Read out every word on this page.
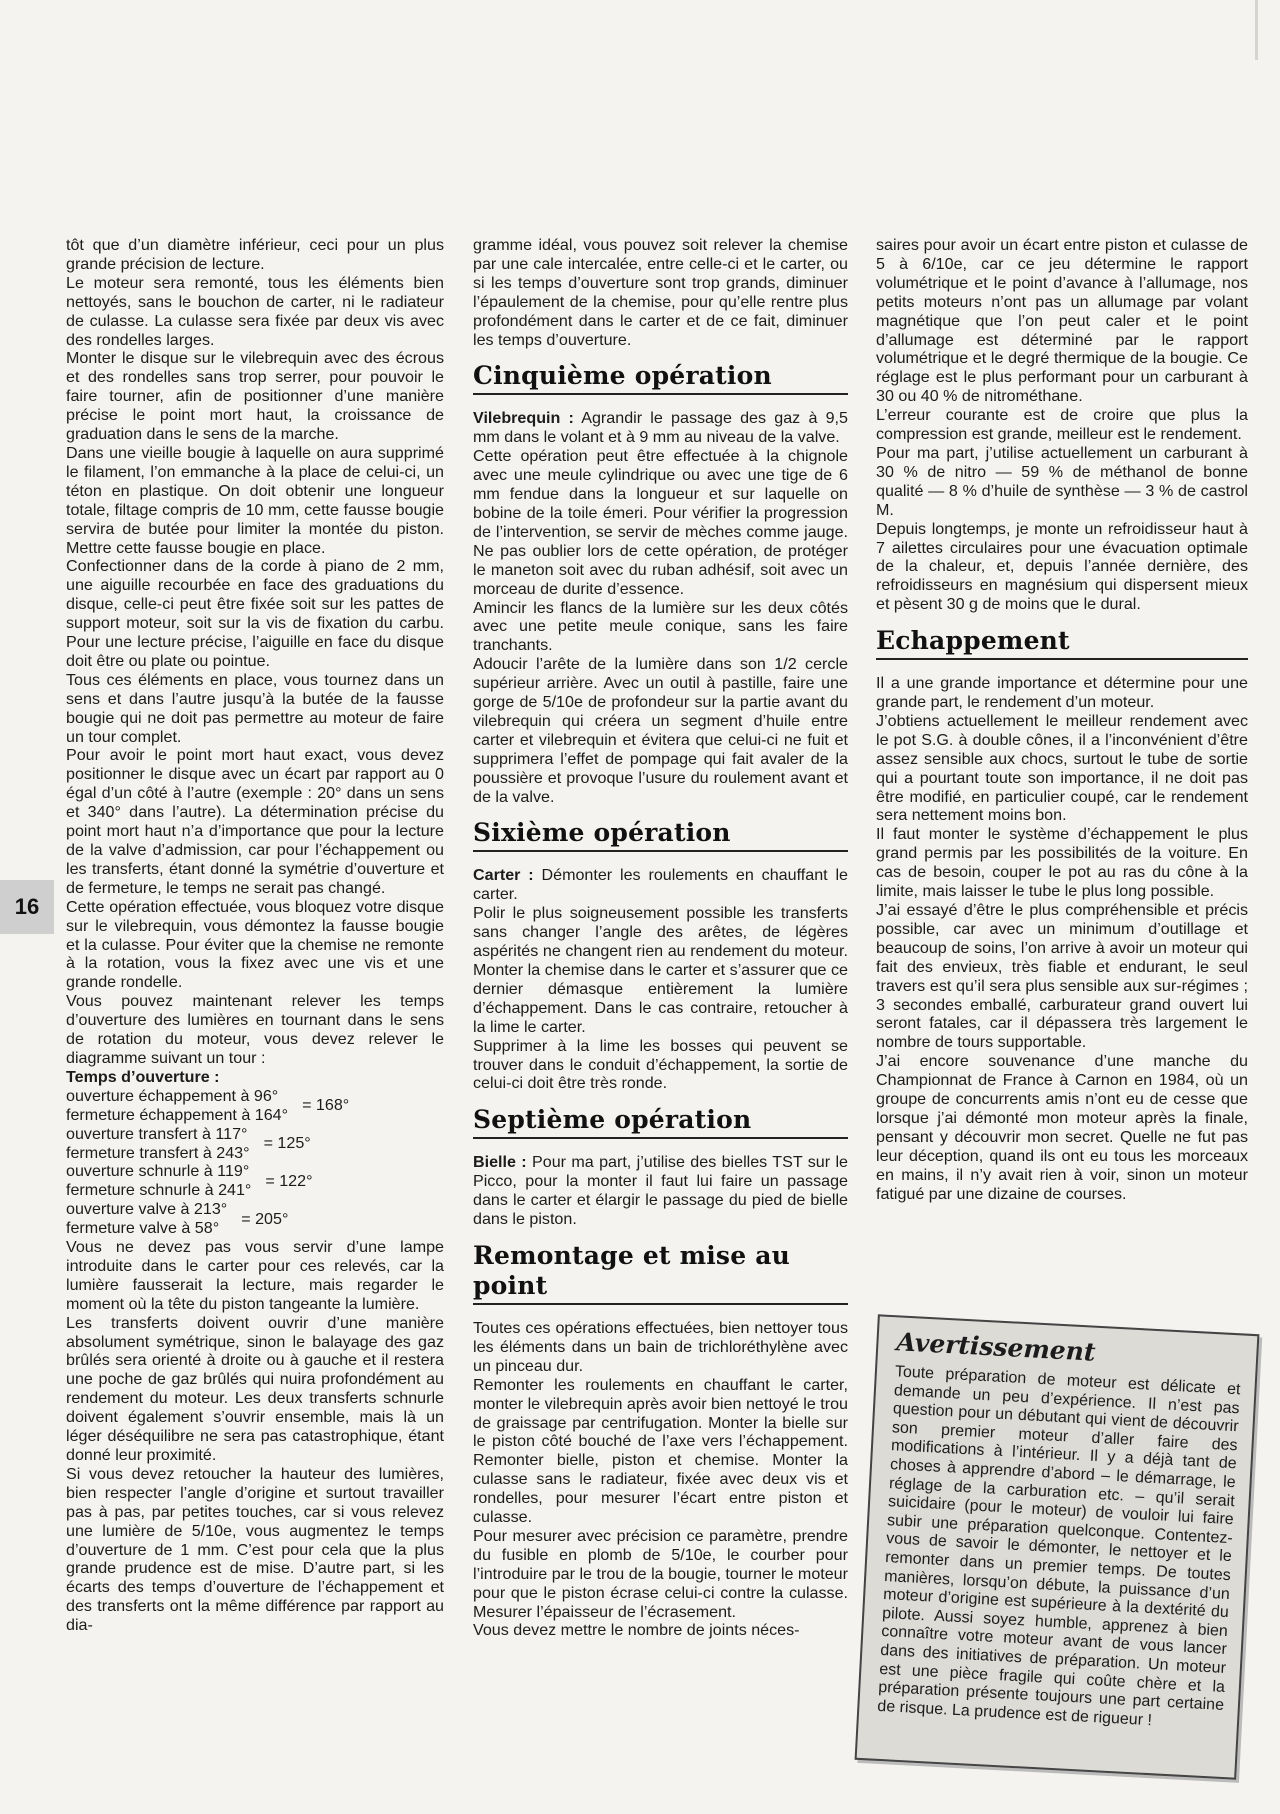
16

tôt que d’un diamètre inférieur, ceci pour un plus grande précision de lecture.

Le moteur sera remonté, tous les éléments bien nettoyés, sans le bouchon de carter, ni le radiateur de culasse. La culasse sera fixée par deux vis avec des rondelles larges.

Monter le disque sur le vilebrequin avec des écrous et des rondelles sans trop serrer, pour pouvoir le faire tourner, afin de positionner d’une manière précise le point mort haut, la croissance de graduation dans le sens de la marche.

Dans une vieille bougie à laquelle on aura supprimé le filament, l’on emmanche à la place de celui-ci, un téton en plastique. On doit obtenir une longueur totale, filtage compris de 10 mm, cette fausse bougie servira de butée pour limiter la montée du piston. Mettre cette fausse bougie en place.

Confectionner dans de la corde à piano de 2 mm, une aiguille recourbée en face des graduations du disque, celle-ci peut être fixée soit sur les pattes de support moteur, soit sur la vis de fixation du carbu. Pour une lecture précise, l’aiguille en face du disque doit être ou plate ou pointue.

Tous ces éléments en place, vous tournez dans un sens et dans l’autre jusqu’à la butée de la fausse bougie qui ne doit pas permettre au moteur de faire un tour complet.

Pour avoir le point mort haut exact, vous devez positionner le disque avec un écart par rapport au 0 égal d’un côté à l’autre (exemple : 20° dans un sens et 340° dans l’autre). La détermination précise du point mort haut n’a d’importance que pour la lecture de la valve d’admission, car pour l’échappement ou les transferts, étant donné la symétrie d’ouverture et de fermeture, le temps ne serait pas changé.

Cette opération effectuée, vous bloquez votre disque sur le vilebrequin, vous démontez la fausse bougie et la culasse. Pour éviter que la chemise ne remonte à la rotation, vous la fixez avec une vis et une grande rondelle.

Vous pouvez maintenant relever les temps d’ouverture des lumières en tournant dans le sens de rotation du moteur, vous devez relever le diagramme suivant un tour :

Temps d’ouverture :

ouverture échappement à 96°
fermeture échappement à 164°
= 168°
ouverture transfert à 117°
fermeture transfert à 243°
= 125°
ouverture schnurle à 119°
fermeture schnurle à 241°
= 122°
ouverture valve à 213°
fermeture valve à 58°
= 205°

Vous ne devez pas vous servir d’une lampe introduite dans le carter pour ces relevés, car la lumière fausserait la lecture, mais regarder le moment où la tête du piston tangeante la lumière.

Les transferts doivent ouvrir d’une manière absolument symétrique, sinon le balayage des gaz brûlés sera orienté à droite ou à gauche et il restera une poche de gaz brûlés qui nuira profondément au rendement du moteur. Les deux transferts schnurle doivent également s’ouvrir ensemble, mais là un léger déséquilibre ne sera pas catastrophique, étant donné leur proximité.

Si vous devez retoucher la hauteur des lumières, bien respecter l’angle d’origine et surtout travailler pas à pas, par petites touches, car si vous relevez une lumière de 5/10e, vous augmentez le temps d’ouverture de 1 mm. C’est pour cela que la plus grande prudence est de mise. D’autre part, si les écarts des temps d’ouverture de l’échappement et des transferts ont la même différence par rapport au dia-

gramme idéal, vous pouvez soit relever la chemise par une cale intercalée, entre celle-ci et le carter, ou si les temps d’ouverture sont trop grands, diminuer l’épaulement de la chemise, pour qu’elle rentre plus profondément dans le carter et de ce fait, diminuer les temps d’ouverture.

Cinquième opération

Vilebrequin : Agrandir le passage des gaz à 9,5 mm dans le volant et à 9 mm au niveau de la valve.

Cette opération peut être effectuée à la chignole avec une meule cylindrique ou avec une tige de 6 mm fendue dans la longueur et sur laquelle on bobine de la toile émeri. Pour vérifier la progression de l’intervention, se servir de mèches comme jauge. Ne pas oublier lors de cette opération, de protéger le maneton soit avec du ruban adhésif, soit avec un morceau de durite d’essence.

Amincir les flancs de la lumière sur les deux côtés avec une petite meule conique, sans les faire tranchants.

Adoucir l’arête de la lumière dans son 1/2 cercle supérieur arrière. Avec un outil à pastille, faire une gorge de 5/10e de profondeur sur la partie avant du vilebrequin qui créera un segment d’huile entre carter et vilebrequin et évitera que celui-ci ne fuit et supprimera l’effet de pompage qui fait avaler de la poussière et provoque l’usure du roulement avant et de la valve.

Sixième opération

Carter : Démonter les roulements en chauffant le carter.

Polir le plus soigneusement possible les transferts sans changer l’angle des arêtes, de légères aspérités ne changent rien au rendement du moteur. Monter la chemise dans le carter et s’assurer que ce dernier démasque entièrement la lumière d’échappement. Dans le cas contraire, retoucher à la lime le carter.

Supprimer à la lime les bosses qui peuvent se trouver dans le conduit d’échappement, la sortie de celui-ci doit être très ronde.

Septième opération

Bielle : Pour ma part, j’utilise des bielles TST sur le Picco, pour la monter il faut lui faire un passage dans le carter et élargir le passage du pied de bielle dans le piston.

Remontage et mise au point

Toutes ces opérations effectuées, bien nettoyer tous les éléments dans un bain de trichloréthylène avec un pinceau dur.

Remonter les roulements en chauffant le carter, monter le vilebrequin après avoir bien nettoyé le trou de graissage par centrifugation. Monter la bielle sur le piston côté bouché de l’axe vers l’échappement. Remonter bielle, piston et chemise. Monter la culasse sans le radiateur, fixée avec deux vis et rondelles, pour mesurer l’écart entre piston et culasse.

Pour mesurer avec précision ce paramètre, prendre du fusible en plomb de 5/10e, le courber pour l’introduire par le trou de la bougie, tourner le moteur pour que le piston écrase celui-ci contre la culasse. Mesurer l’épaisseur de l’écrasement.

Vous devez mettre le nombre de joints néces-

saires pour avoir un écart entre piston et culasse de 5 à 6/10e, car ce jeu détermine le rapport volumétrique et le point d’avance à l’allumage, nos petits moteurs n’ont pas un allumage par volant magnétique que l’on peut caler et le point d’allumage est déterminé par le rapport volumétrique et le degré thermique de la bougie. Ce réglage est le plus performant pour un carburant à 30 ou 40 % de nitrométhane.

L’erreur courante est de croire que plus la compression est grande, meilleur est le rendement.

Pour ma part, j’utilise actuellement un carburant à 30 % de nitro — 59 % de méthanol de bonne qualité — 8 % d’huile de synthèse — 3 % de castrol M.

Depuis longtemps, je monte un refroidisseur haut à 7 ailettes circulaires pour une évacuation optimale de la chaleur, et, depuis l’année dernière, des refroidisseurs en magnésium qui dispersent mieux et pèsent 30 g de moins que le dural.

Echappement

Il a une grande importance et détermine pour une grande part, le rendement d’un moteur.

J’obtiens actuellement le meilleur rendement avec le pot S.G. à double cônes, il a l’inconvénient d’être assez sensible aux chocs, surtout le tube de sortie qui a pourtant toute son importance, il ne doit pas être modifié, en particulier coupé, car le rendement sera nettement moins bon.

Il faut monter le système d’échappement le plus grand permis par les possibilités de la voiture. En cas de besoin, couper le pot au ras du cône à la limite, mais laisser le tube le plus long possible.

J’ai essayé d’être le plus compréhensible et précis possible, car avec un minimum d’outillage et beaucoup de soins, l’on arrive à avoir un moteur qui fait des envieux, très fiable et endurant, le seul travers est qu’il sera plus sensible aux sur-régimes ; 3 secondes emballé, carburateur grand ouvert lui seront fatales, car il dépassera très largement le nombre de tours supportable.

J’ai encore souvenance d’une manche du Championnat de France à Carnon en 1984, où un groupe de concurrents amis n’ont eu de cesse que lorsque j’ai démonté mon moteur après la finale, pensant y découvrir mon secret. Quelle ne fut pas leur déception, quand ils ont eu tous les morceaux en mains, il n’y avait rien à voir, sinon un moteur fatigué par une dizaine de courses.

Avertissement
Toute préparation de moteur est délicate et demande un peu d’expérience. Il n’est pas question pour un débutant qui vient de découvrir son premier moteur d’aller faire des modifications à l’intérieur. Il y a déjà tant de choses à apprendre d’abord – le démarrage, le réglage de la carburation etc. – qu’il serait suicidaire (pour le moteur) de vouloir lui faire subir une préparation quelconque. Contentez-vous de savoir le démonter, le nettoyer et le remonter dans un premier temps. De toutes manières, lorsqu’on débute, la puissance d’un moteur d’origine est supérieure à la dextérité du pilote. Aussi soyez humble, apprenez à bien connaître votre moteur avant de vous lancer dans des initiatives de préparation. Un moteur est une pièce fragile qui coûte chère et la préparation présente toujours une part certaine de risque. La prudence est de rigueur !
